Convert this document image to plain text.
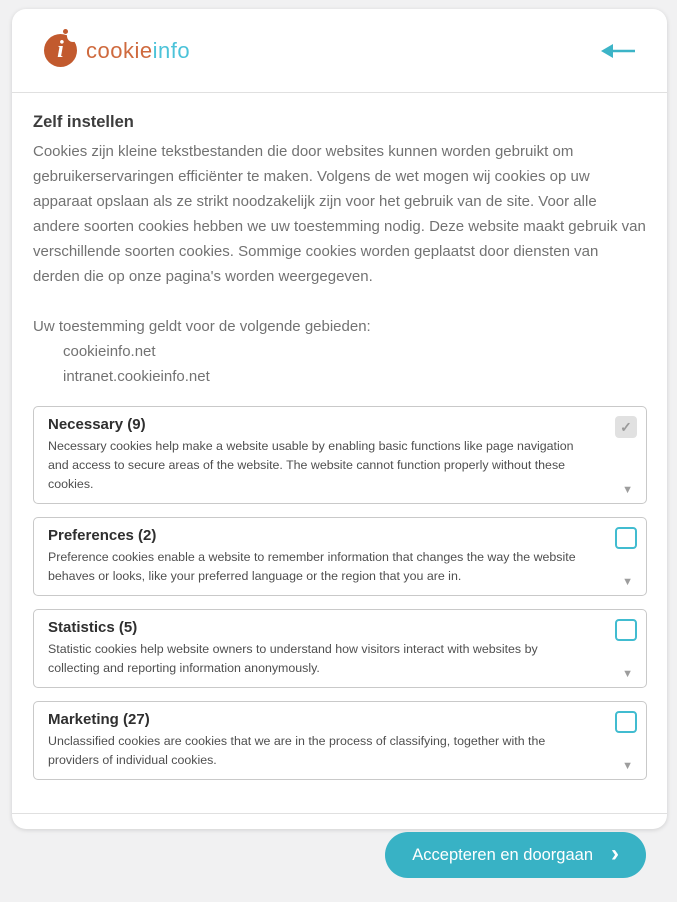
i	cookieinfo
Zelf instellen

Cookies zijn kleine tekstbestanden die door websites kunnen worden gebruikt om gebruikerservaringen efficiënter te maken. Volgens de wet mogen wij cookies op uw apparaat opslaan als ze strikt noodzakelijk zijn voor het gebruik van de site. Voor alle andere soorten cookies hebben we uw toestemming nodig. Deze website maakt gebruik van verschillende soorten cookies. Sommige cookies worden geplaatst door diensten van derden die op onze pagina's worden weergegeven.

Uw toestemming geldt voor de volgende gebieden:
cookieinfo.net
intranet.cookieinfo.net
Necessary (9)
Necessary cookies help make a website usable by enabling basic functions like page navigation and access to secure areas of the website. The website cannot function properly without these cookies.
✓
▼
Preferences (2)
Preference cookies enable a website to remember information that changes the way the website behaves or looks, like your preferred language or the region that you are in.	▼
Statistics (5)
Statistic cookies help website owners to understand how visitors interact with websites by collecting and reporting information anonymously.	▼
Marketing (27)
Unclassified cookies are cookies that we are in the process of classifying, together with the providers of individual cookies.	▼
Accepteren en doorgaan ›
